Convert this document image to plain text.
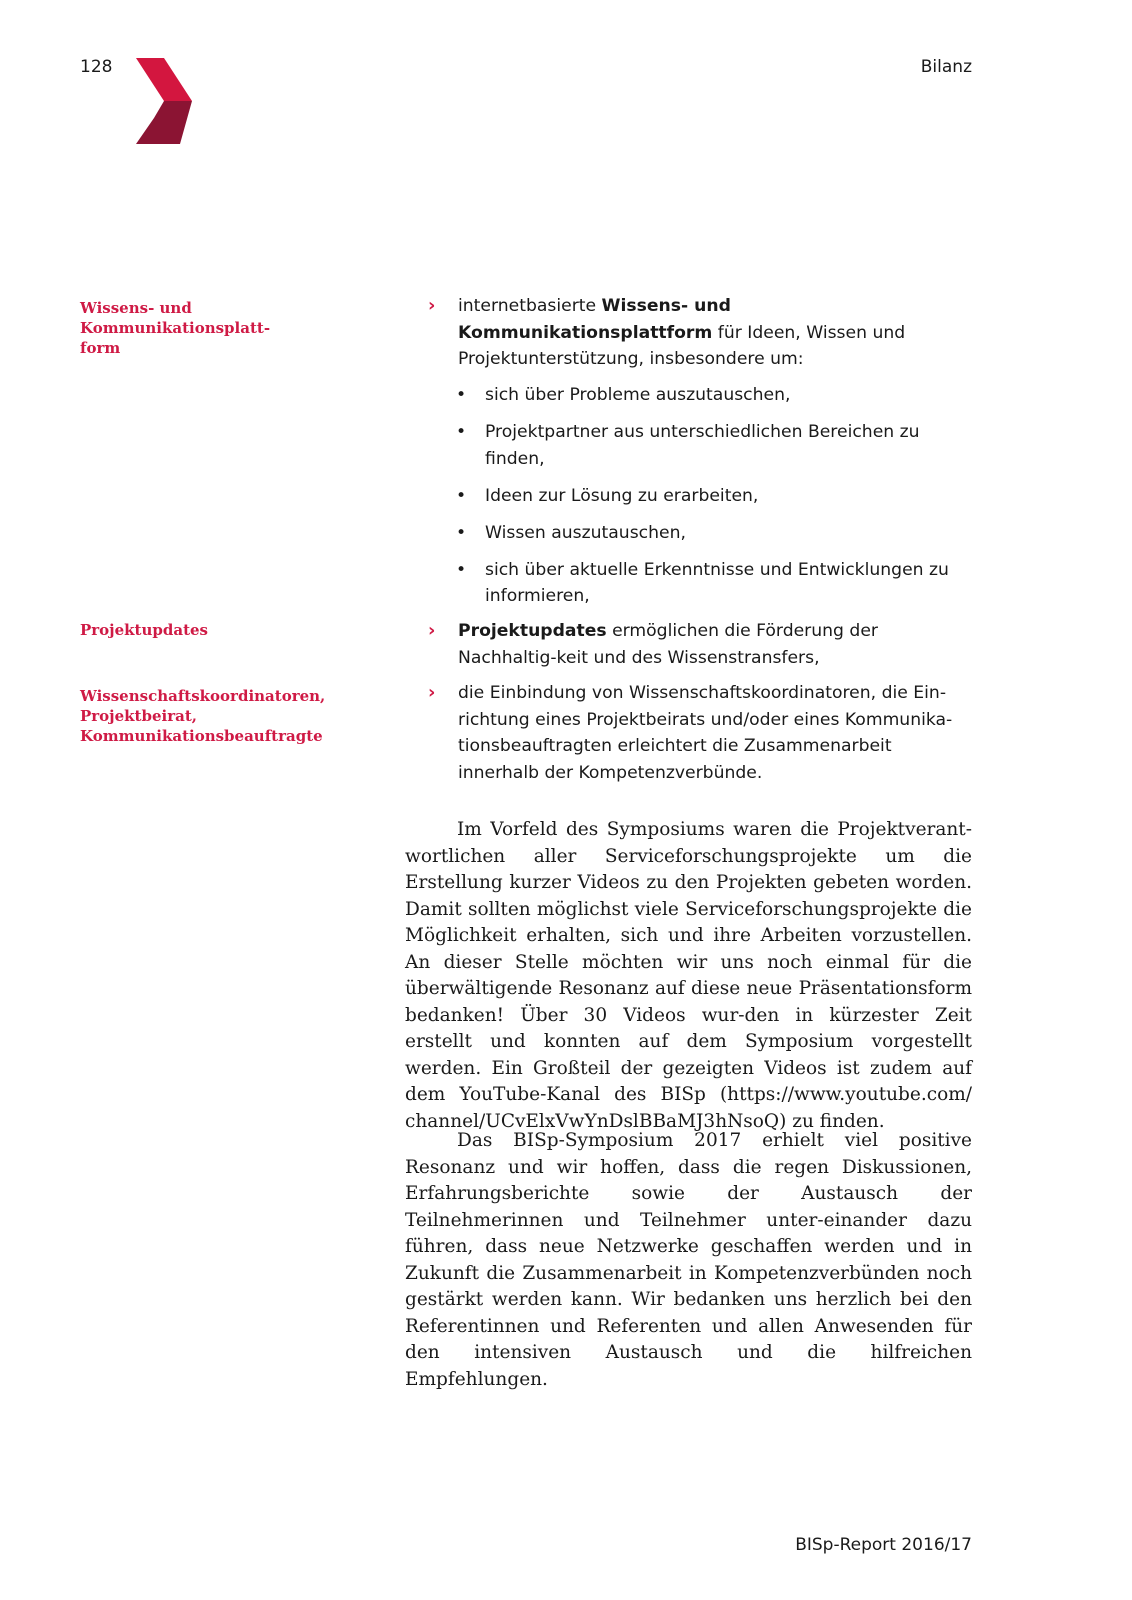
128	Bilanz
Wissens- und Kommunikationsplatt-
form
Projektupdates
Wissenschaftskoordinatoren,
Projektbeirat,
Kommunikationsbeauftragte
› internetbasierte Wissens- und Kommunikationsplattform für Ideen, Wissen und Projektunterstützung, insbesondere um:
• sich über Probleme auszutauschen,
• Projektpartner aus unterschiedlichen Bereichen zu finden,
• Ideen zur Lösung zu erarbeiten,
• Wissen auszutauschen,
• sich über aktuelle Erkenntnisse und Entwicklungen zu informieren,
› Projektupdates ermöglichen die Förderung der Nachhaltig-keit und des Wissenstransfers,
› die Einbindung von Wissenschaftskoordinatoren, die Ein-richtung eines Projektbeirats und/oder eines Kommunika-tionsbeauftragten erleichtert die Zusammenarbeit innerhalb der Kompetenzverbünde.

Im Vorfeld des Symposiums waren die Projektverant-wortlichen aller Serviceforschungsprojekte um die Erstellung kurzer Videos zu den Projekten gebeten worden. Damit sollten möglichst viele Serviceforschungsprojekte die Möglichkeit erhalten, sich und ihre Arbeiten vorzustellen. An dieser Stelle möchten wir uns noch einmal für die überwältigende Resonanz auf diese neue Präsentationsform bedanken! Über 30 Videos wur-den in kürzester Zeit erstellt und konnten auf dem Symposium vorgestellt werden. Ein Großteil der gezeigten Videos ist zudem auf dem YouTube-Kanal des BISp (https://www.youtube.com/ channel/UCvElxVwYnDslBBaMJ3hNsoQ) zu finden.

Das BISp-Symposium 2017 erhielt viel positive Resonanz und wir hoffen, dass die regen Diskussionen, Erfahrungsberichte sowie der Austausch der Teilnehmerinnen und Teilnehmer unter-einander dazu führen, dass neue Netzwerke geschaffen werden und in Zukunft die Zusammenarbeit in Kompetenzverbünden noch gestärkt werden kann. Wir bedanken uns herzlich bei den Referentinnen und Referenten und allen Anwesenden für den intensiven Austausch und die hilfreichen Empfehlungen.

BISp-Report 2016/17
